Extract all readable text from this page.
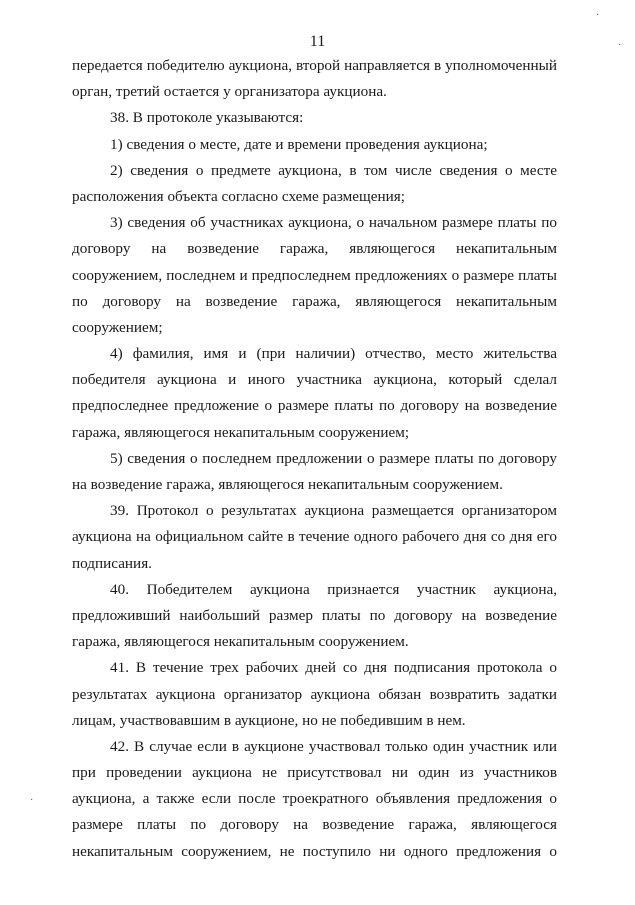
11
передается победителю аукциона, второй направляется в уполномоченный
орган, третий остается у организатора аукциона.
38. В протоколе указываются:
1) сведения о месте, дате и времени проведения аукциона;
2) сведения о предмете аукциона, в том числе сведения о месте
расположения объекта согласно схеме размещения;
3) сведения об участниках аукциона, о начальном размере платы по
договору на возведение гаража, являющегося некапитальным
сооружением, последнем и предпоследнем предложениях о размере платы
по договору на возведение гаража, являющегося некапитальным
сооружением;
4) фамилия, имя и (при наличии) отчество, место жительства
победителя аукциона и иного участника аукциона, который сделал
предпоследнее предложение о размере платы по договору на возведение
гаража, являющегося некапитальным сооружением;
5) сведения о последнем предложении о размере платы по договору
на возведение гаража, являющегося некапитальным сооружением.
39. Протокол о результатах аукциона размещается организатором
аукциона на официальном сайте в течение одного рабочего дня со дня его
подписания.
40. Победителем аукциона признается участник аукциона,
предложивший наибольший размер платы по договору на возведение
гаража, являющегося некапитальным сооружением.
41. В течение трех рабочих дней со дня подписания протокола о
результатах аукциона организатор аукциона обязан возвратить задатки
лицам, участвовавшим в аукционе, но не победившим в нем.
42. В случае если в аукционе участвовал только один участник или
при проведении аукциона не присутствовал ни один из участников
аукциона, а также если после троекратного объявления предложения о
размере платы по договору на возведение гаража, являющегося
некапитальным сооружением, не поступило ни одного предложения о
·
·
·
